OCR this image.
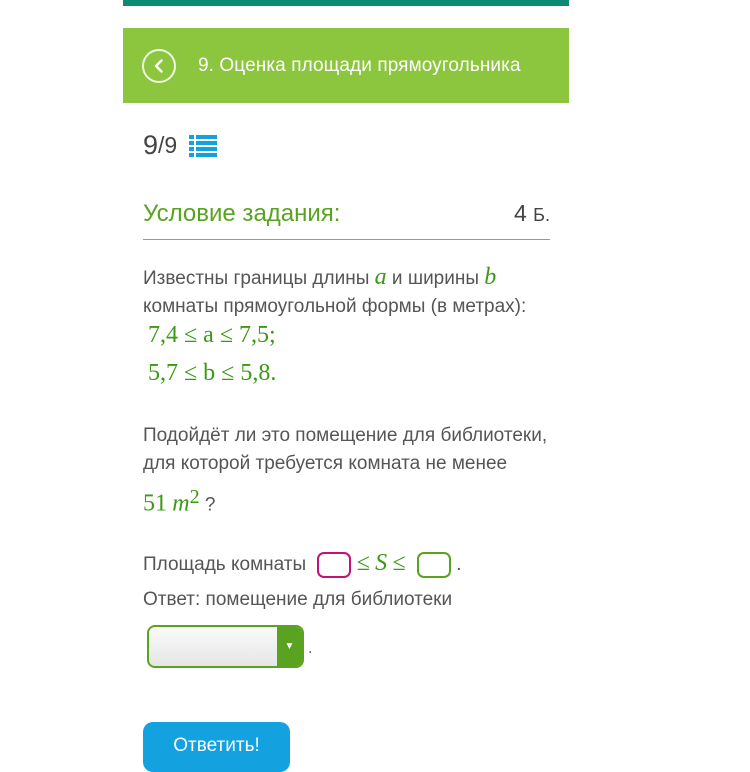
9. Оценка площади прямоугольника
9 /9
Условие задания:	4 Б.
Известны границы длины a и ширины b
комнаты прямоугольной формы (в метрах):
7,4 ≤ a ≤ 7,5;
5,7 ≤ b ≤ 5,8.
Подойдёт ли это помещение для библиотеки,
для которой требуется комната не менее
51 $m^2$ ?
Площадь комнаты ≤ S ≤	.
Ответ: помещение для библиотеки
▼ .
Ответить!
